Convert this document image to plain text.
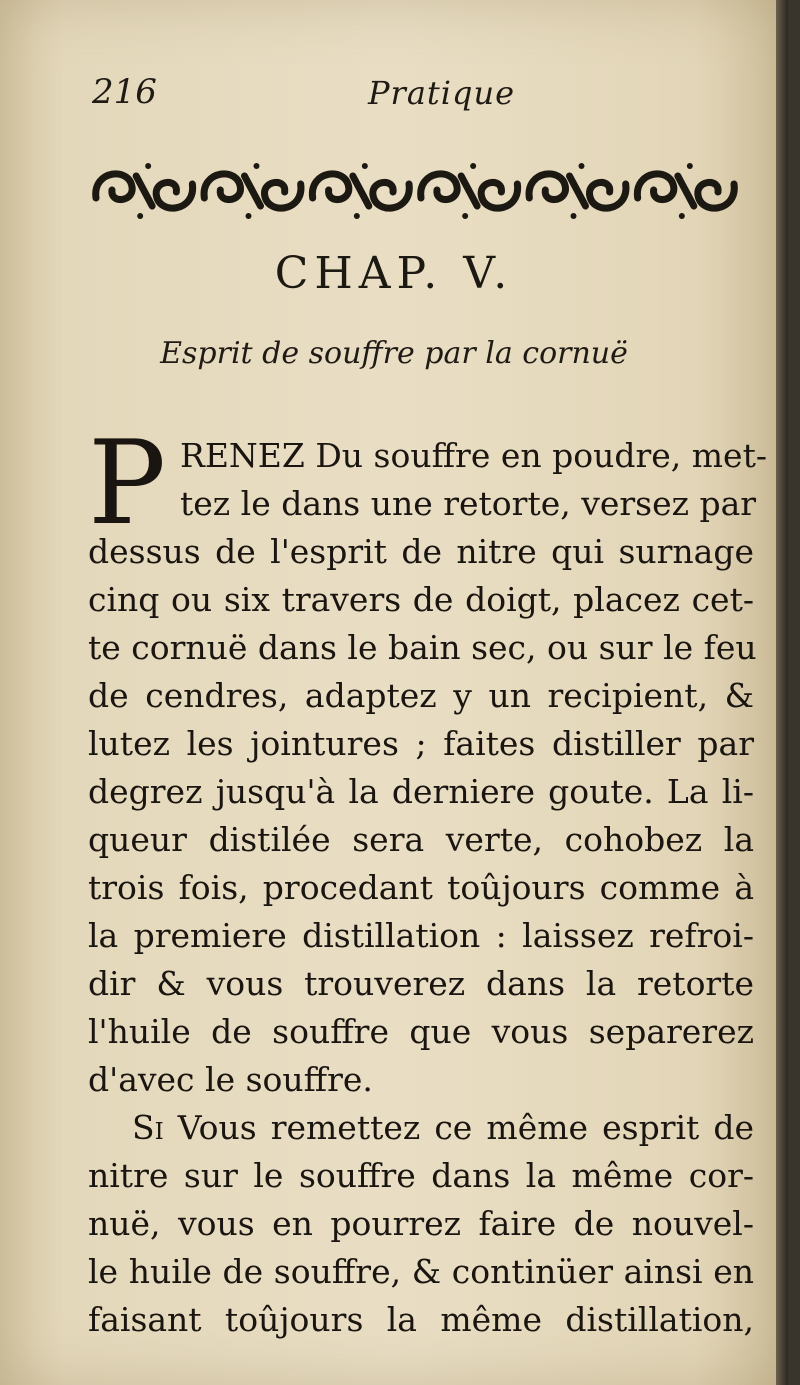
216	Pratique
CHAP. V.
Esprit de souffre par la cornuë
P RENEZ Du souffre en poudre, met-
tez le dans une retorte, versez par
dessus de l'esprit de nitre qui surnage
cinq ou six travers de doigt, placez cet-
te cornuë dans le bain sec, ou sur le feu
de cendres, adaptez y un recipient, &
lutez les jointures ; faites distiller par
degrez jusqu'à la derniere goute. La li-
queur distilée sera verte, cohobez la
trois fois, procedant toûjours comme à
la premiere distillation : laissez refroi-
dir & vous trouverez dans la retorte
l'huile de souffre que vous separerez
d'avec le souffre.
Si Vous remettez ce même esprit de
nitre sur le souffre dans la même cor-
nuë, vous en pourrez faire de nouvel-
le huile de souffre, & continüer ainsi en
faisant toûjours la même distillation,
